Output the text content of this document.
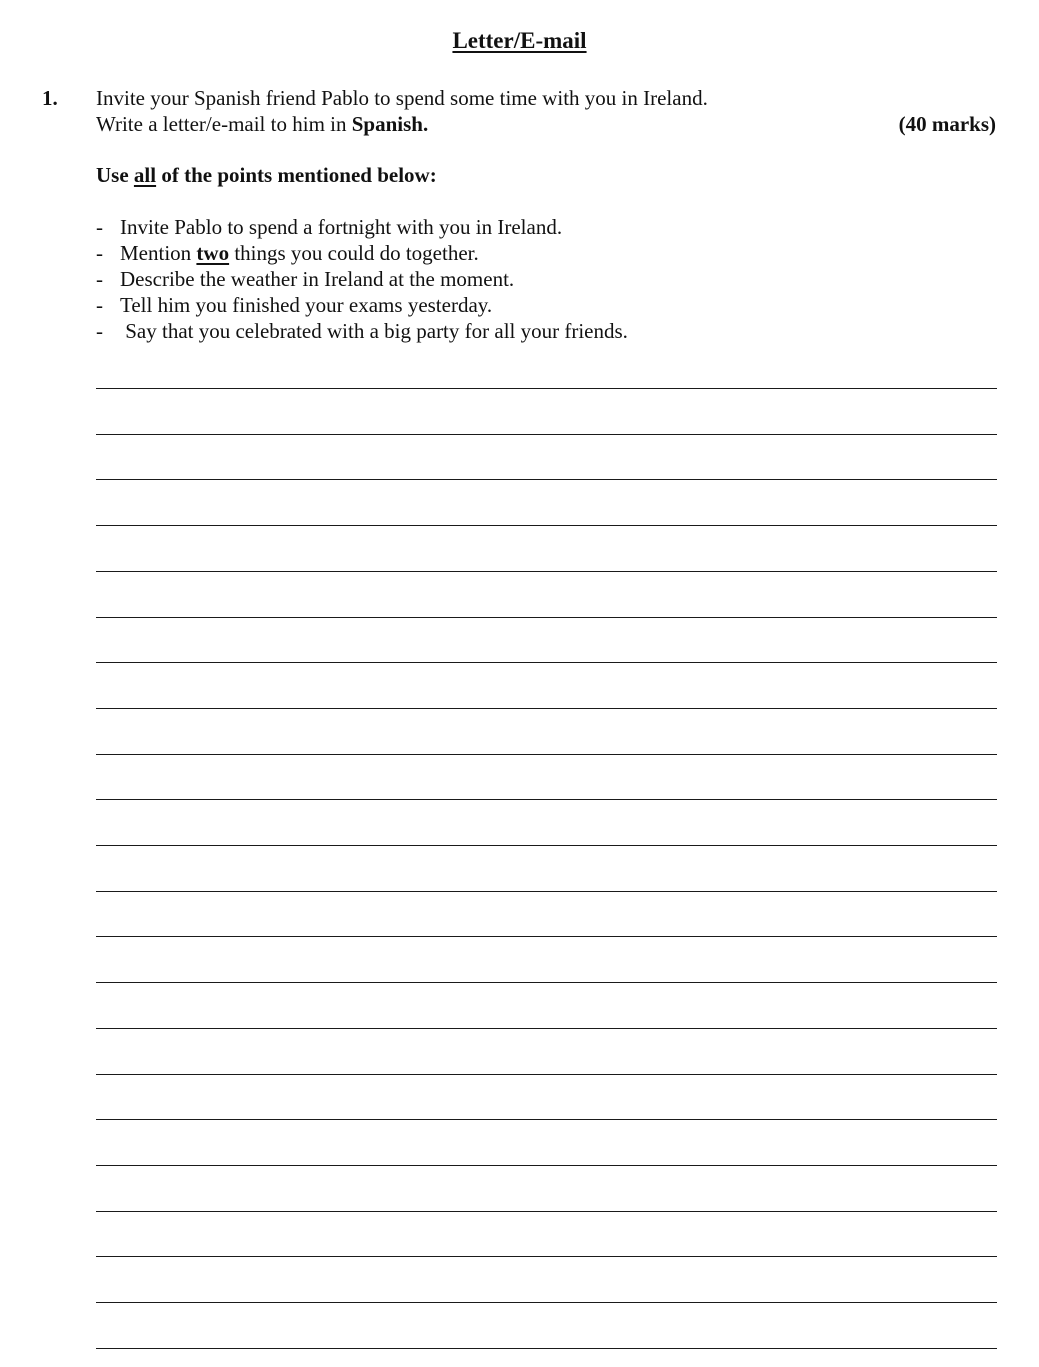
Letter/E-mail
1. Invite your Spanish friend Pablo to spend some time with you in Ireland.
Write a letter/e-mail to him in Spanish.	(40 marks)
Use all of the points mentioned below:
- Invite Pablo to spend a fortnight with you in Ireland.
- Mention two things you could do together.
- Describe the weather in Ireland at the moment.
- Tell him you finished your exams yesterday.
- Say that you celebrated with a big party for all your friends.
